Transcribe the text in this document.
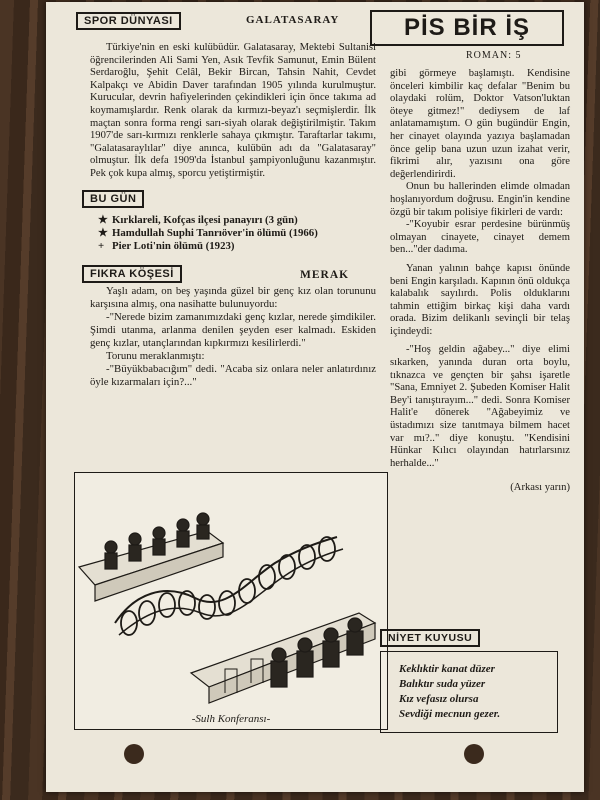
SPOR DÜNYASI	GALATASARAY

Türkiye'nin en eski kulübüdür. Galatasaray, Mektebi Sultanisi öğrencilerinden Ali Sami Yen, Asık Tevfik Samunut, Emin Bülent Serdaroğlu, Şehit Celâl, Bekir Bircan, Tahsin Nahit, Cevdet Kalpakçı ve Abidin Daver tarafından 1905 yılında kurulmuştur. Kurucular, devrin hafiyelerinden çekindikleri için önce takıma ad koymamışlardır. Renk olarak da kırmızı-beyaz'ı seçmişlerdir. İlk maçtan sonra forma rengi sarı-siyah olarak değiştirilmiştir. Takım 1907'de sarı-kırmızı renklerle sahaya çıkmıştır. Taraftarlar takımı, "Galatasaraylılar" diye anınca, kulübün adı da "Galatasaray" olmuştur. İlk defa 1909'da İstanbul şampiyonluğunu kazanmıştır. Pek çok kupa almış, sporcu yetiştirmiştir.

BU GÜN
★ Kırklareli, Kofças ilçesi panayırı (3 gün)
★ Hamdullah Suphi Tanrıöver'in ölümü (1966)
+ Pier Loti'nin ölümü (1923)
FIKRA KÖŞESİ	MERAK

Yaşlı adam, on beş yaşında güzel bir genç kız olan torununu karşısına almış, ona nasihatte bulunuyordu:

-"Nerede bizim zamanımızdaki genç kızlar, nerede şimdikiler. Şimdi utanma, arlanma denilen şeyden eser kalmadı. Eskiden genç kızlar, utançlarından kıpkırmızı kesilirlerdi."

Torunu meraklanmıştı:

-"Büyükbabacığım" dedi. "Acaba siz onlara neler anlatırdınız öyle kızarmaları için?..."

-Sulh Konferansı-
PİS BİR İŞ
ROMAN: 5

gibi görmeye başlamıştı. Kendisine önceleri kimbilir kaç defalar "Benim bu olaydaki rolüm, Doktor Vatson'luktan öteye gitmez!" dediysem de laf anlatamamıştım. O gün bugündür Engin, her cinayet olayında yazıya başlamadan önce gelip bana uzun uzun izahat verir, fikrimi alır, yazısını ona göre değerlendirirdi.

Onun bu hallerinden elimde olmadan hoşlanıyordum doğrusu. Engin'in kendine özgü bir takım polisiye fikirleri de vardı:

-"Koyubir esrar perdesine bürünmüş olmayan cinayete, cinayet demem ben..."der dadıma.

Yanan yalının bahçe kapısı önünde beni Engin karşıladı. Kapının önü oldukça kalabalık sayılırdı. Polis olduklarını tahmin ettiğim birkaç kişi daha vardı orada. Bizim delikanlı sevinçli bir telaş içindeydi:

-"Hoş geldin ağabey..." diye elimi sıkarken, yanında duran orta boylu, tıknazca ve gençten bir şahsı işaretle "Sana, Emniyet 2. Şubeden Komiser Halit Bey'i tanıştırayım..." dedi. Sonra Komiser Halit'e dönerek "Ağabeyimiz ve üstadımızı size tanıtmaya bilmem hacet var mı?.." diye konuştu. "Kendisini Hünkar Kılıcı olayından hatırlarsınız herhalde..."

(Arkası yarın)
NİYET KUYUSU
Keklıktir kanat düzer
Balıktır suda yüzer
Kız vefasız olursa
Sevdiği mecnun gezer.
